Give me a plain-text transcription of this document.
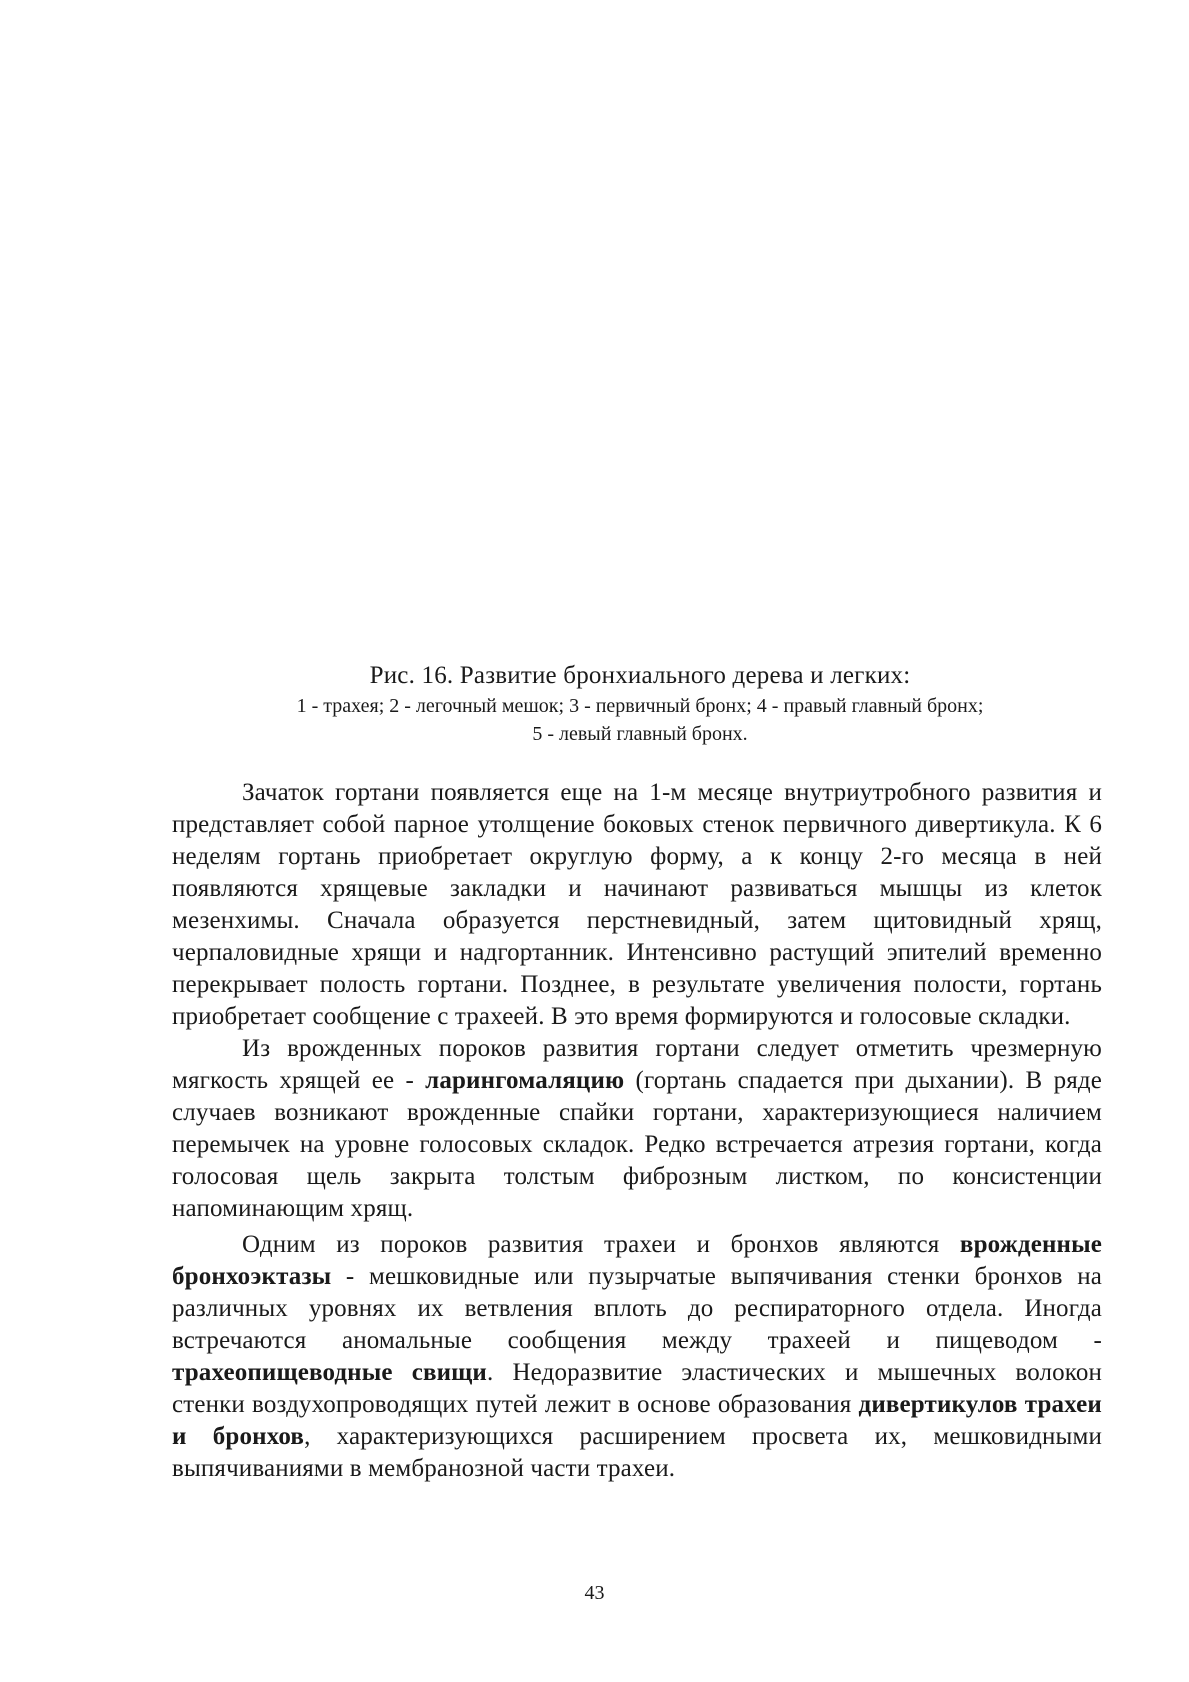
Рис. 16. Развитие бронхиального дерева и легких:
1 - трахея; 2 - легочный мешок; 3 - первичный бронх; 4 - правый главный бронх;
5 - левый главный бронх.

Зачаток гортани появляется еще на 1-м месяце внутриутробного развития и представляет собой парное утолщение боковых стенок первичного дивертикула. К 6 неделям гортань приобретает округлую форму, а к концу 2-го месяца в ней появляются хрящевые закладки и начинают развиваться мышцы из клеток мезенхимы. Сначала образуется перстневидный, затем щитовидный хрящ, черпаловидные хрящи и надгортанник. Интенсивно растущий эпителий временно перекрывает полость гортани. Позднее, в результате увеличения полости, гортань приобретает сообщение с трахеей. В это время формируются и голосовые складки.

Из врожденных пороков развития гортани следует отметить чрезмерную мягкость хрящей ее - ларингомаляцию (гортань спадается при дыхании). В ряде случаев возникают врожденные спайки гортани, характеризующиеся наличием перемычек на уровне голосовых складок. Редко встречается атрезия гортани, когда голосовая щель закрыта толстым фиброзным листком, по консистенции напоминающим хрящ.

Одним из пороков развития трахеи и бронхов являются врожденные бронхоэктазы - мешковидные или пузырчатые выпячивания стенки бронхов на различных уровнях их ветвления вплоть до респираторного отдела. Иногда встречаются аномальные сообщения между трахеей и пищеводом - трахеопищеводные свищи. Недоразвитие эластических и мышечных волокон стенки воздухопроводящих путей лежит в основе образования дивертикулов трахеи и бронхов, характеризующихся расширением просвета их, мешковидными выпячиваниями в мембранозной части трахеи.

43
